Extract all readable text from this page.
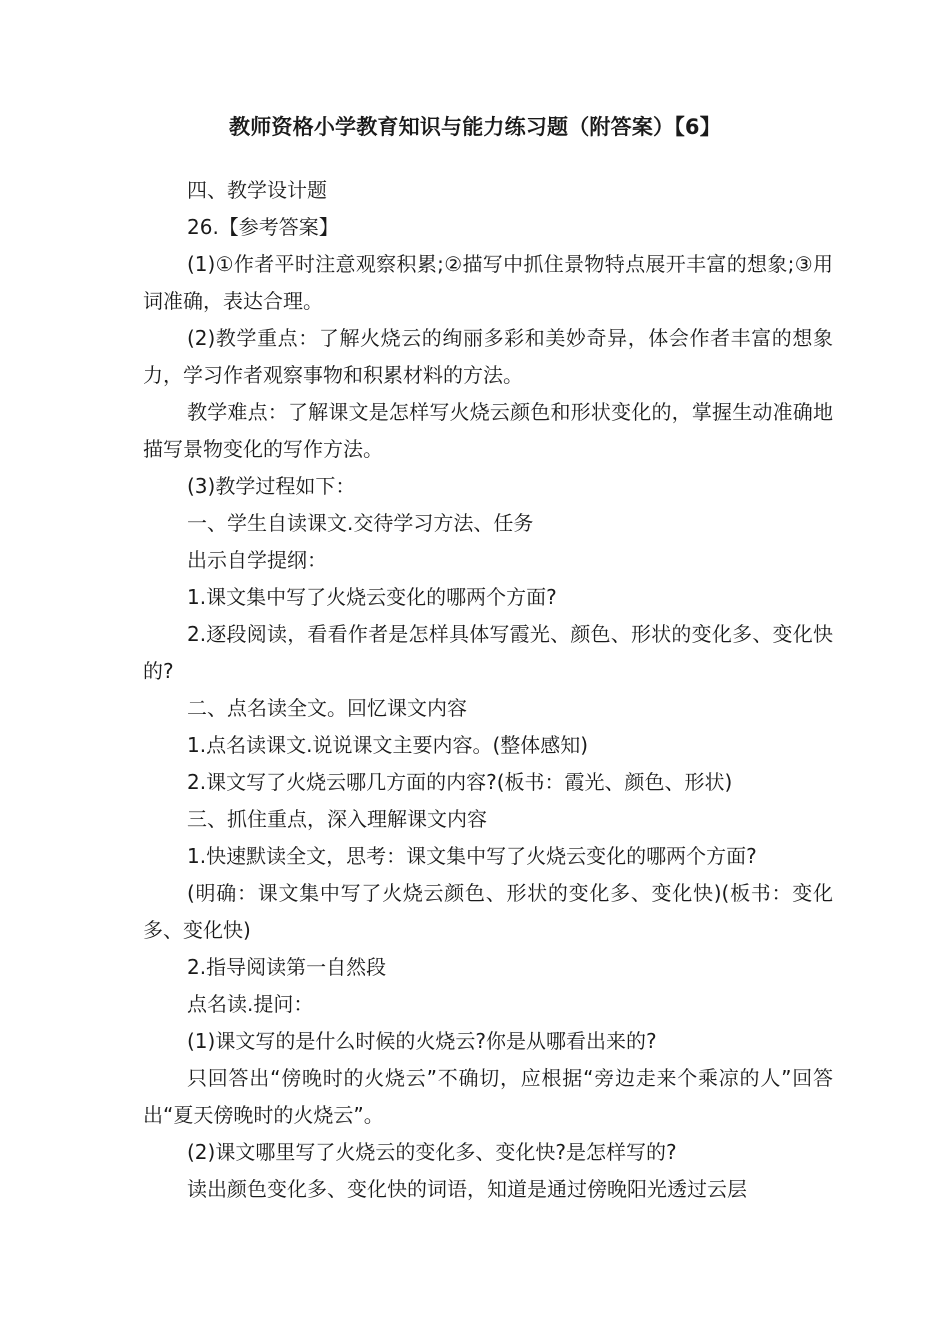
教师资格小学教育知识与能力练习题（附答案）【6】

四、教学设计题

26.【参考答案】

(1)①作者平时注意观察积累;②描写中抓住景物特点展开丰富的想象;③用词准确，表达合理。

(2)教学重点：了解火烧云的绚丽多彩和美妙奇异，体会作者丰富的想象力，学习作者观察事物和积累材料的方法。

教学难点：了解课文是怎样写火烧云颜色和形状变化的，掌握生动准确地描写景物变化的写作方法。

(3)教学过程如下：

一、学生自读课文.交待学习方法、任务

出示自学提纲：

1.课文集中写了火烧云变化的哪两个方面?

2.逐段阅读，看看作者是怎样具体写霞光、颜色、形状的变化多、变化快的?

二、点名读全文。回忆课文内容

1.点名读课文.说说课文主要内容。(整体感知)

2.课文写了火烧云哪几方面的内容?(板书：霞光、颜色、形状)

三、抓住重点，深入理解课文内容

1.快速默读全文，思考：课文集中写了火烧云变化的哪两个方面?

(明确：课文集中写了火烧云颜色、形状的变化多、变化快)(板书：变化多、变化快)

2.指导阅读第一自然段

点名读.提问：

(1)课文写的是什么时候的火烧云?你是从哪看出来的?

只回答出“傍晚时的火烧云”不确切，应根据“旁边走来个乘凉的人”回答出“夏天傍晚时的火烧云”。

(2)课文哪里写了火烧云的变化多、变化快?是怎样写的?

读出颜色变化多、变化快的词语，知道是通过傍晚阳光透过云层
